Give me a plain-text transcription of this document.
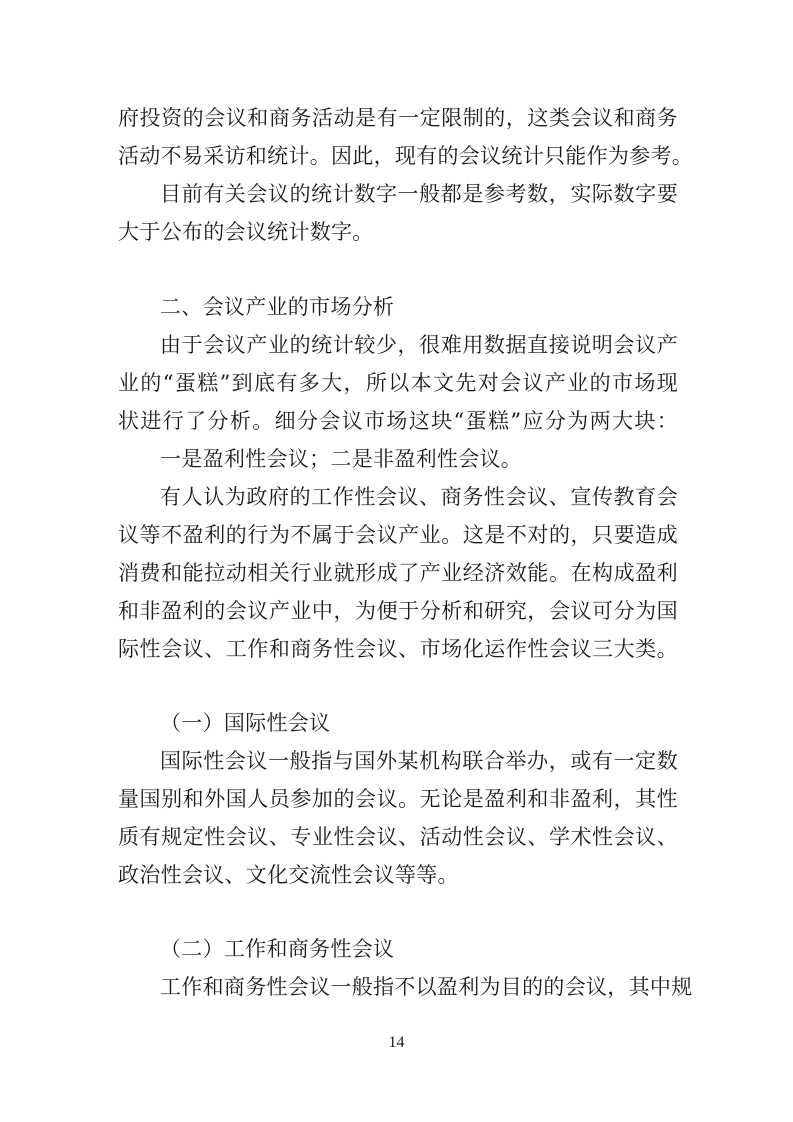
府投资的会议和商务活动是有一定限制的，这类会议和商务
活动不易采访和统计。因此，现有的会议统计只能作为参考。
目前有关会议的统计数字一般都是参考数，实际数字要
大于公布的会议统计数字。
二、会议产业的市场分析
由于会议产业的统计较少，很难用数据直接说明会议产
业的“蛋糕”到底有多大，所以本文先对会议产业的市场现
状进行了分析。细分会议市场这块“蛋糕”应分为两大块：
一是盈利性会议；二是非盈利性会议。
有人认为政府的工作性会议、商务性会议、宣传教育会
议等不盈利的行为不属于会议产业。这是不对的，只要造成
消费和能拉动相关行业就形成了产业经济效能。在构成盈利
和非盈利的会议产业中，为便于分析和研究，会议可分为国
际性会议、工作和商务性会议、市场化运作性会议三大类。
（一）国际性会议
国际性会议一般指与国外某机构联合举办，或有一定数
量国别和外国人员参加的会议。无论是盈利和非盈利，其性
质有规定性会议、专业性会议、活动性会议、学术性会议、
政治性会议、文化交流性会议等等。
（二）工作和商务性会议
工作和商务性会议一般指不以盈利为目的的会议，其中规
14
